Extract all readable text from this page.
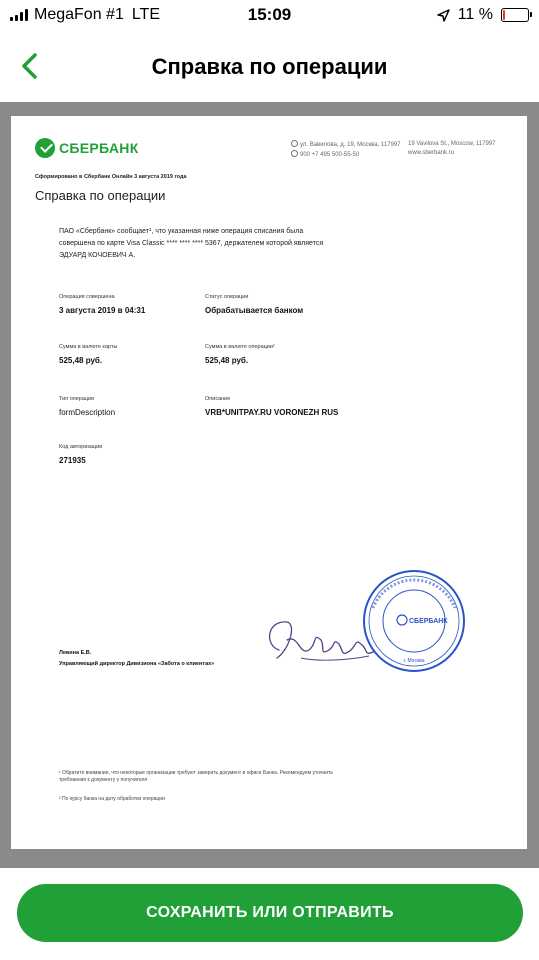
MegaFon #1 LTE	15:09	11 %
Справка по операции
СБЕРБАНК	ул. Вавилова, д. 19, Москва, 117997
900 +7 495 500-55-50
19 Vavilova St., Moscow, 117997
www.sberbank.ru
Сформировано в Сбербанк Онлайн 3 августа 2019 года
Справка по операции
ПАО «Сбербанк» сообщает¹, что указанная ниже операция списания была
совершена по карте Visa Classic **** **** **** 5367, держателем которой является
ЭДУАРД КОЧОЕВИЧ А.
Операция совершена
3 августа 2019 в 04:31
Статус операции
Обрабатывается банком
Сумма в валюте карты
525,48 руб.
Сумма в валюте операции²
525,48 руб.
Тип операции
formDescription
Описание
VRB*UNITPAY.RU VORONEZH RUS
Код авторизации
271935
СБЕРБАНК
г. Москва
Левина Е.В.
Управляющий директор Дивизиона «Забота о клиентах»

¹ Обратите внимание, что некоторые организации требуют заверить документ в офисе Банка. Рекомендуем уточнить требования к документу у получателя

² По курсу банка на дату обработки операции

СОХРАНИТЬ ИЛИ ОТПРАВИТЬ
